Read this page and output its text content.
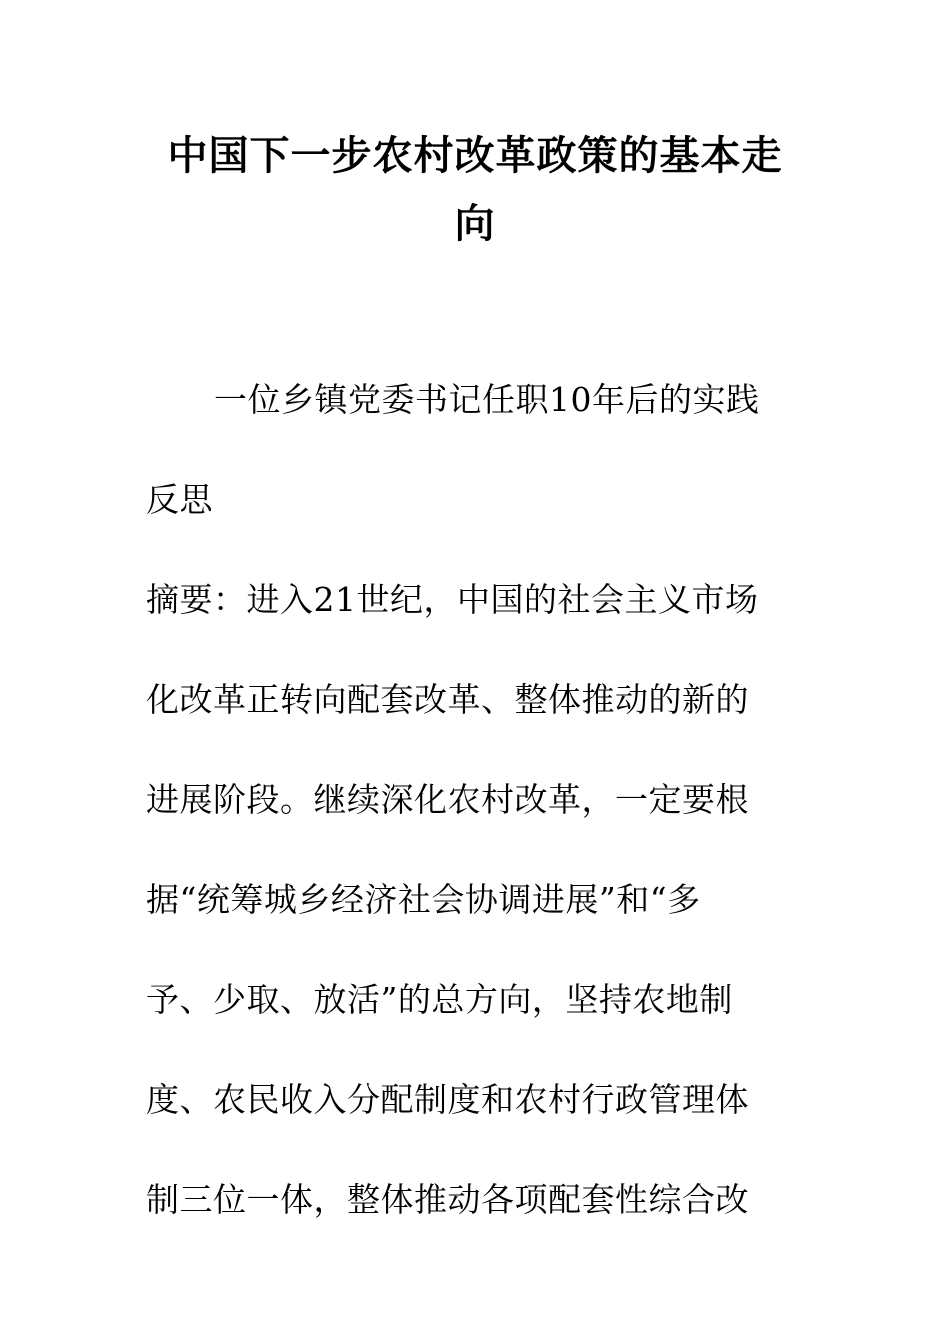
中国下一步农村改革政策的基本走
向

一位乡镇党委书记任职10年后的实践

反思

摘要：进入21世纪，中国的社会主义市场

化改革正转向配套改革、整体推动的新的

进展阶段。继续深化农村改革，一定要根

据“统筹城乡经济社会协调进展”和“多

予、少取、放活”的总方向，坚持农地制

度、农民收入分配制度和农村行政管理体

制三位一体，整体推动各项配套性综合改
